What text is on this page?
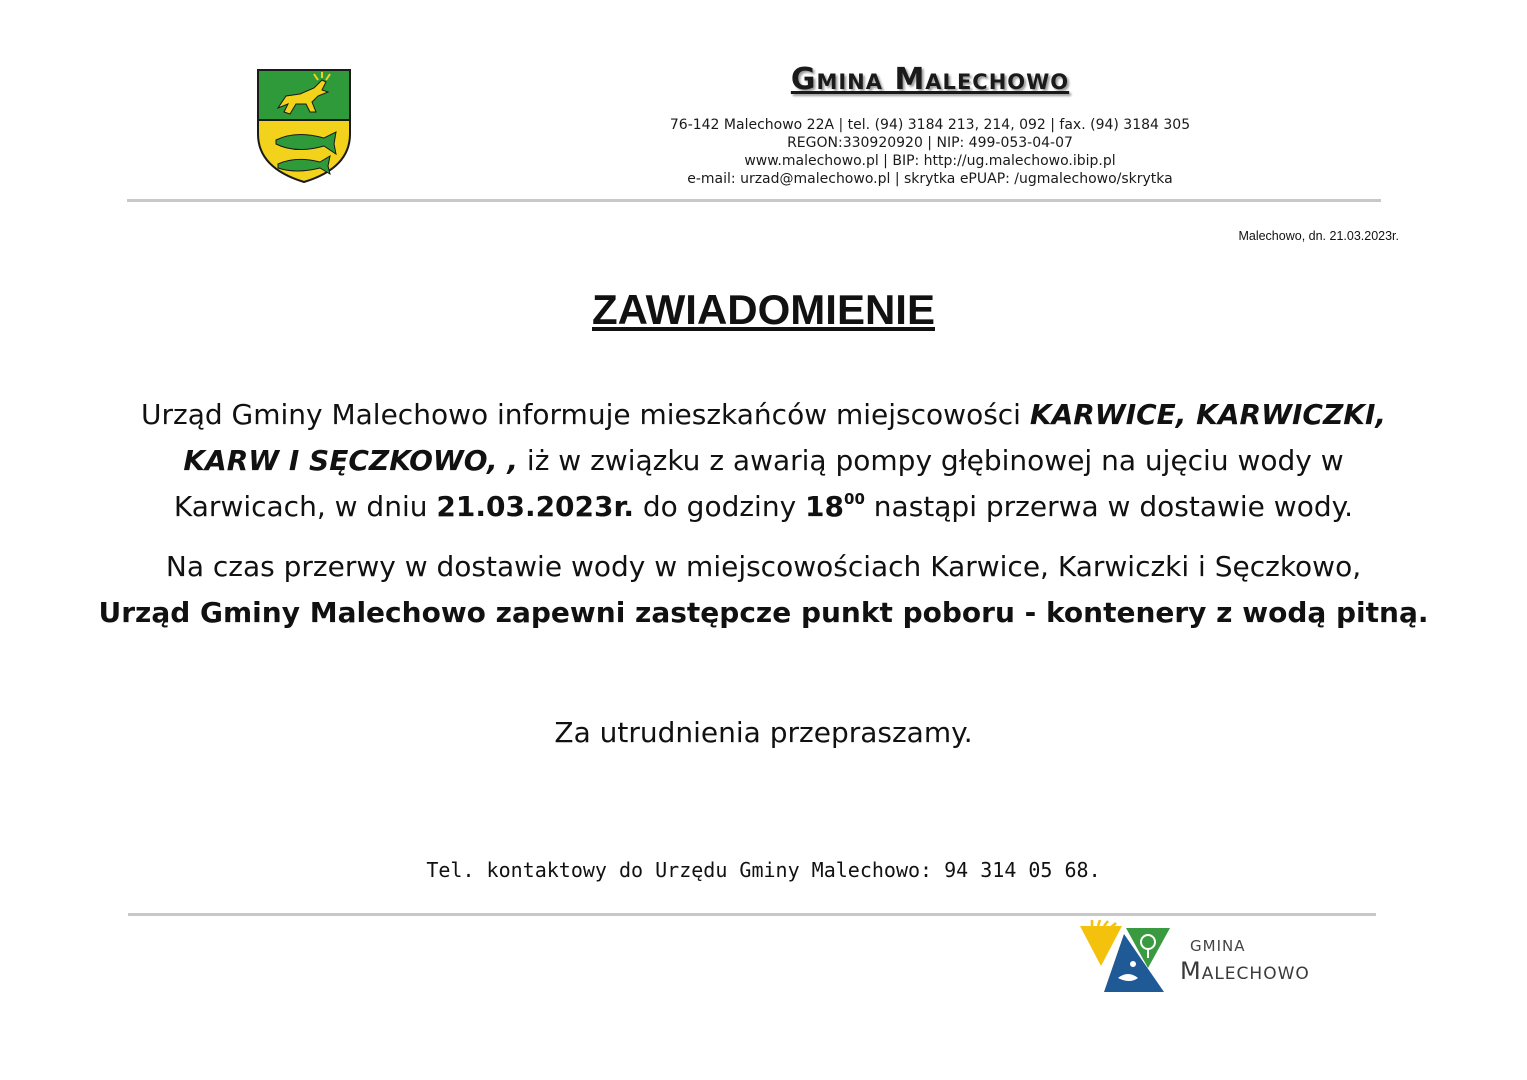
Gmina Malechowo
76-142 Malechowo 22A | tel. (94) 3184 213, 214, 092 | fax. (94) 3184 305
REGON:330920920 | NIP: 499-053-04-07
www.malechowo.pl | BIP: http://ug.malechowo.ibip.pl
e-mail: urzad@malechowo.pl | skrytka ePUAP: /ugmalechowo/skrytka
Malechowo, dn. 21.03.2023r.
ZAWIADOMIENIE
Urząd Gminy Malechowo informuje mieszkańców miejscowości KARWICE, KARWICZKI,
KARW I SĘCZKOWO, , iż w związku z awarią pompy głębinowej na ujęciu wody w
Karwicach, w dniu 21.03.2023r. do godziny $18^{00}$ nastąpi przerwa w dostawie wody.
Na czas przerwy w dostawie wody w miejscowościach Karwice, Karwiczki i Sęczkowo,
Urząd Gminy Malechowo zapewni zastępcze punkt poboru - kontenery z wodą pitną.
Za utrudnienia przepraszamy.
Tel. kontaktowy do Urzędu Gminy Malechowo: 94 314 05 68.
GMINA
Malechowo
